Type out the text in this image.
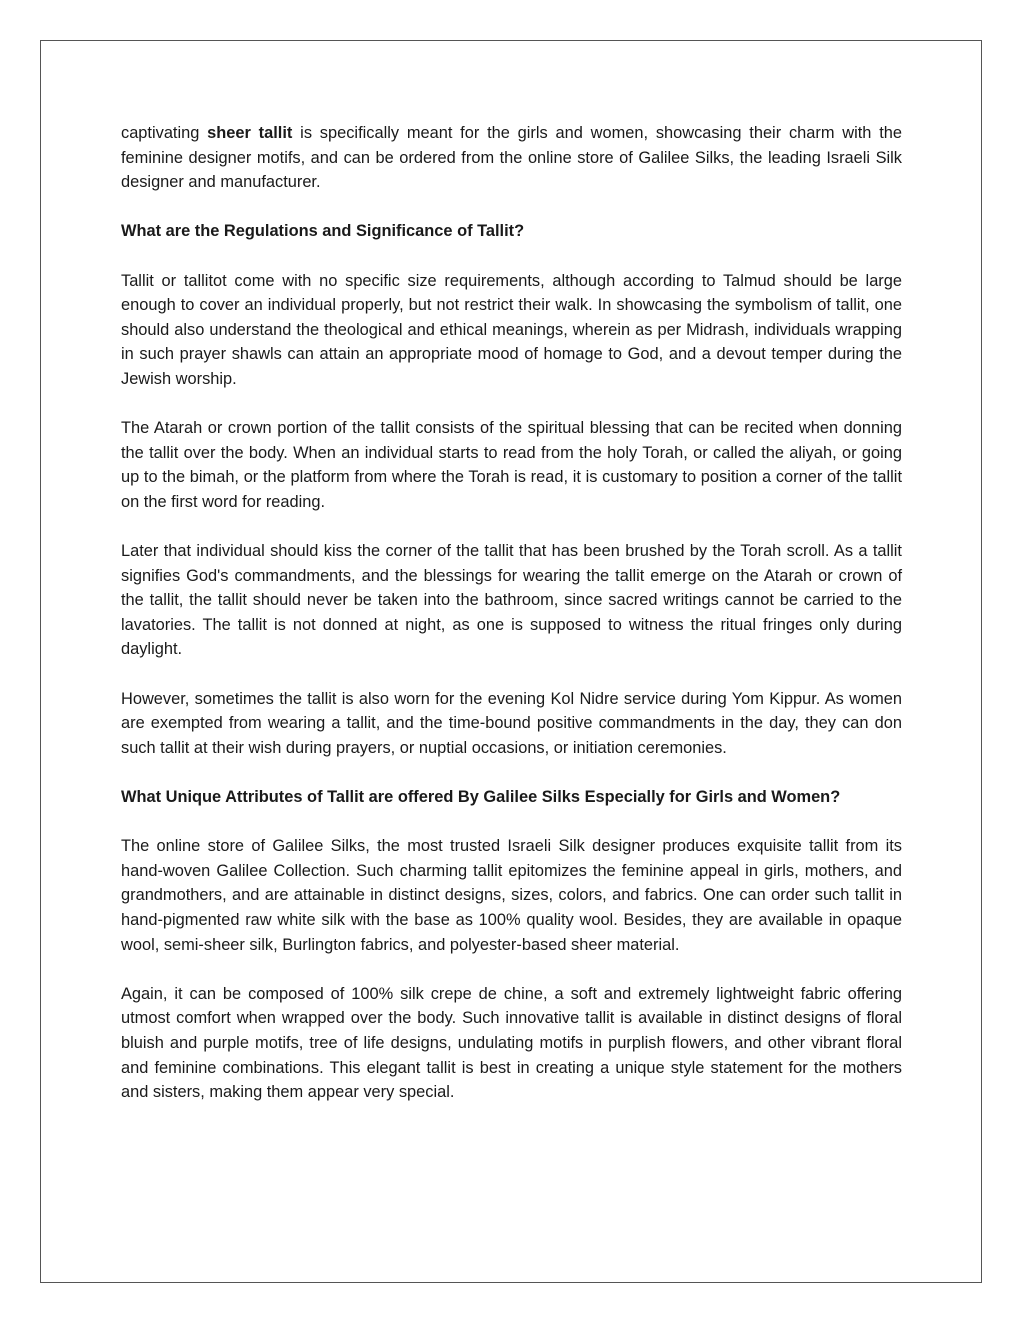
captivating sheer tallit is specifically meant for the girls and women, showcasing their charm with the feminine designer motifs, and can be ordered from the online store of Galilee Silks, the leading Israeli Silk designer and manufacturer.

What are the Regulations and Significance of Tallit?

Tallit or tallitot come with no specific size requirements, although according to Talmud should be large enough to cover an individual properly, but not restrict their walk. In showcasing the symbolism of tallit, one should also understand the theological and ethical meanings, wherein as per Midrash, individuals wrapping in such prayer shawls can attain an appropriate mood of homage to God, and a devout temper during the Jewish worship.

The Atarah or crown portion of the tallit consists of the spiritual blessing that can be recited when donning the tallit over the body. When an individual starts to read from the holy Torah, or called the aliyah, or going up to the bimah, or the platform from where the Torah is read, it is customary to position a corner of the tallit on the first word for reading.

Later that individual should kiss the corner of the tallit that has been brushed by the Torah scroll. As a tallit signifies God's commandments, and the blessings for wearing the tallit emerge on the Atarah or crown of the tallit, the tallit should never be taken into the bathroom, since sacred writings cannot be carried to the lavatories. The tallit is not donned at night, as one is supposed to witness the ritual fringes only during daylight.

However, sometimes the tallit is also worn for the evening Kol Nidre service during Yom Kippur. As women are exempted from wearing a tallit, and the time-bound positive commandments in the day, they can don such tallit at their wish during prayers, or nuptial occasions, or initiation ceremonies.

What Unique Attributes of Tallit are offered By Galilee Silks Especially for Girls and Women?

The online store of Galilee Silks, the most trusted Israeli Silk designer produces exquisite tallit from its hand-woven Galilee Collection. Such charming tallit epitomizes the feminine appeal in girls, mothers, and grandmothers, and are attainable in distinct designs, sizes, colors, and fabrics. One can order such tallit in hand-pigmented raw white silk with the base as 100% quality wool. Besides, they are available in opaque wool, semi-sheer silk, Burlington fabrics, and polyester-based sheer material.

Again, it can be composed of 100% silk crepe de chine, a soft and extremely lightweight fabric offering utmost comfort when wrapped over the body. Such innovative tallit is available in distinct designs of floral bluish and purple motifs, tree of life designs, undulating motifs in purplish flowers, and other vibrant floral and feminine combinations. This elegant tallit is best in creating a unique style statement for the mothers and sisters, making them appear very special.
